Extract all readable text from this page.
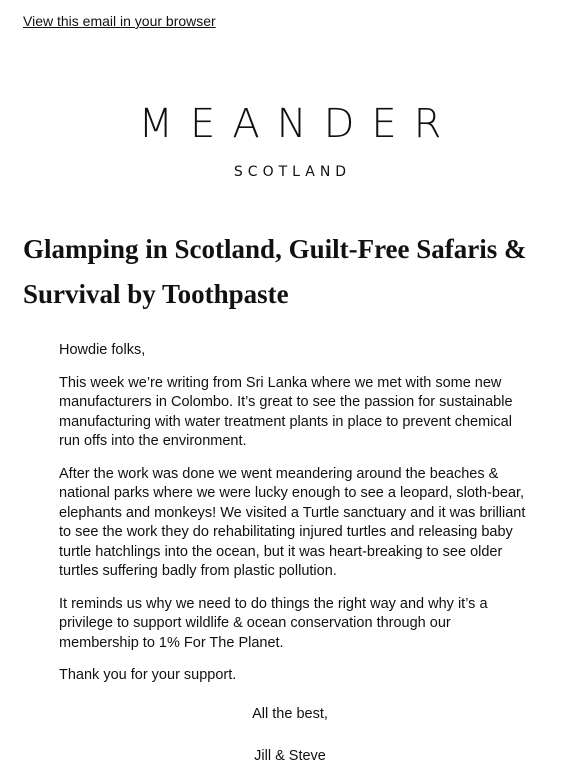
View this email in your browser
MEANDER
SCOTLAND
Glamping in Scotland, Guilt-Free Safaris & Survival by Toothpaste

Howdie folks,

This week we’re writing from Sri Lanka where we met with some new manufacturers in Colombo. It’s great to see the passion for sustainable manufacturing with water treatment plants in place to prevent chemical run offs into the environment.

After the work was done we went meandering around the beaches & national parks where we were lucky enough to see a leopard, sloth-bear, elephants and monkeys! We visited a Turtle sanctuary and it was brilliant to see the work they do rehabilitating injured turtles and releasing baby turtle hatchlings into the ocean, but it was heart-breaking to see older turtles suffering badly from plastic pollution.

It reminds us why we need to do things the right way and why it’s a privilege to support wildlife & ocean conservation through our membership to 1% For The Planet.

Thank you for your support.

All the best,
Jill & Steve
